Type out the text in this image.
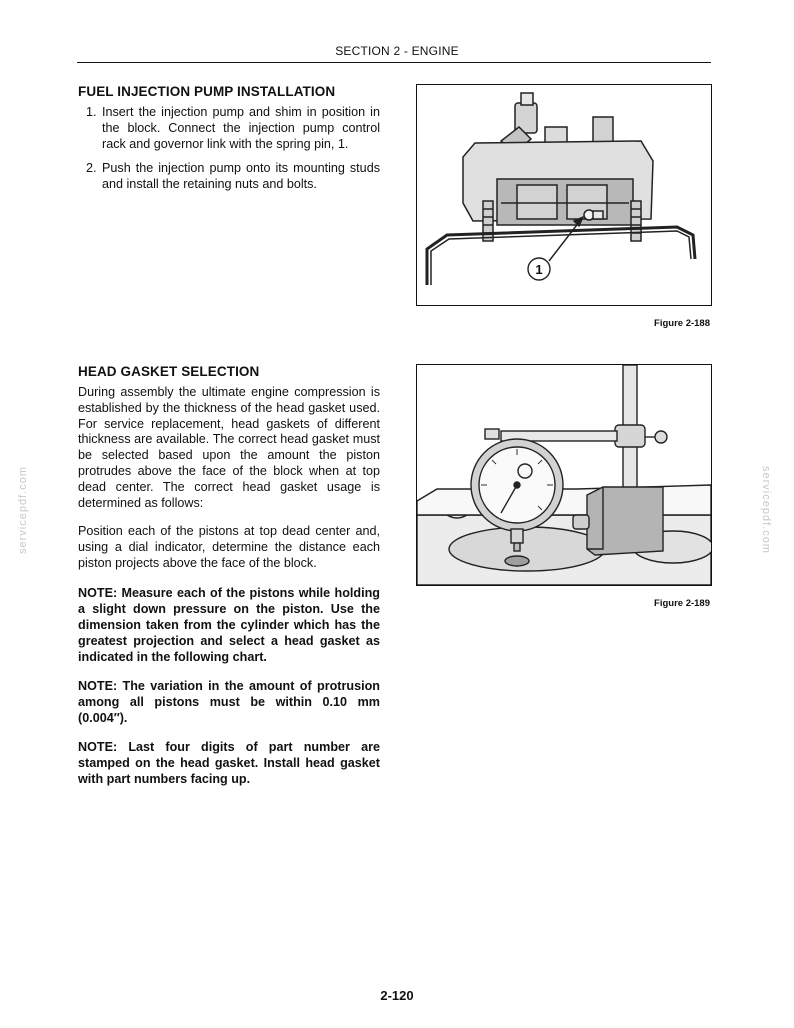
SECTION 2 - ENGINE
FUEL INJECTION PUMP INSTALLATION
1. Insert the injection pump and shim in position in the block. Connect the injection pump control rack and governor link with the spring pin, 1.
2. Push the injection pump onto its mounting studs and install the retaining nuts and bolts.
1
Figure 2-188
HEAD GASKET SELECTION

During assembly the ultimate engine compression is established by the thickness of the head gasket used. For service replacement, head gaskets of different thickness are available. The correct head gasket must be selected based upon the amount the piston protrudes above the face of the block when at top dead center. The correct head gasket usage is determined as follows:

Position each of the pistons at top dead center and, using a dial indicator, determine the distance each piston projects above the face of the block.

NOTE: Measure each of the pistons while holding a slight down pressure on the piston. Use the dimension taken from the cylinder which has the greatest projection and select a head gasket as indicated in the following chart.

NOTE: The variation in the amount of protrusion among all pistons must be within 0.10 mm (0.004″).

NOTE: Last four digits of part number are stamped on the head gasket. Install head gasket with part numbers facing up.

Figure 2-189
servicepdf.com	servicepdf.com
2-120
